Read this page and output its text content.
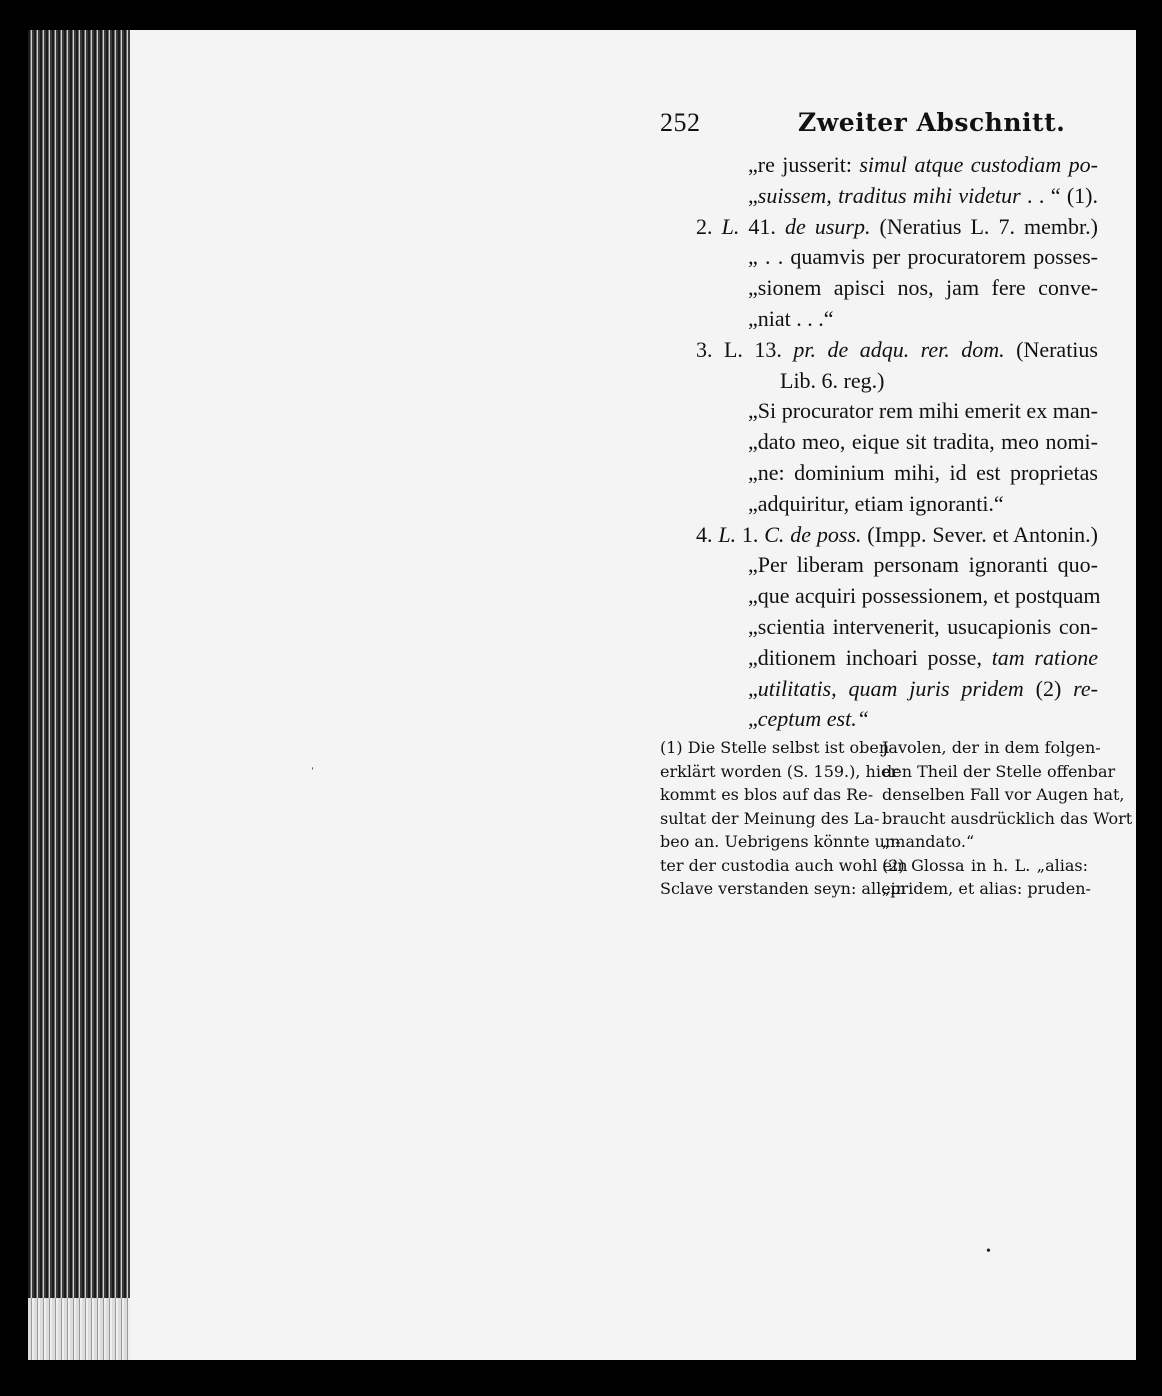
ˈ
•
252	Zweiter Abschnitt.
„re jusserit: simul atque custodiam po-
„suissem, traditus mihi videtur . . “ (1).
2. L. 41. de usurp. (Neratius L. 7. membr.)
„ . . quamvis per procuratorem posses-
„sionem apisci nos, jam fere conve-
„niat . . .“
3. L. 13. pr. de adqu. rer. dom. (Neratius
Lib. 6. reg.)
„Si procurator rem mihi emerit ex man-
„dato meo, eique sit tradita, meo nomi-
„ne: dominium mihi, id est proprietas
„adquiritur, etiam ignoranti.“
4. L. 1. C. de poss. (Impp. Sever. et Antonin.)
„Per liberam personam ignoranti quo-
„que acquiri possessionem, et postquam
„scientia intervenerit, usucapionis con-
„ditionem inchoari posse, tam ratione
„utilitatis, quam juris pridem (2) re-
„ceptum est.“
(1) Die Stelle selbst ist oben
erklärt worden (S. 159.), hier
kommt es blos auf das Re-
sultat der Meinung des La-
beo an. Uebrigens könnte un-
ter der custodia auch wohl ein
Sclave verstanden seyn: allein
Javolen, der in dem folgen-
den Theil der Stelle offenbar
denselben Fall vor Augen hat,
braucht ausdrücklich das Wort
„mandato.“
(2) Glossa in h. L. „alias:
„pridem, et alias: pruden-
